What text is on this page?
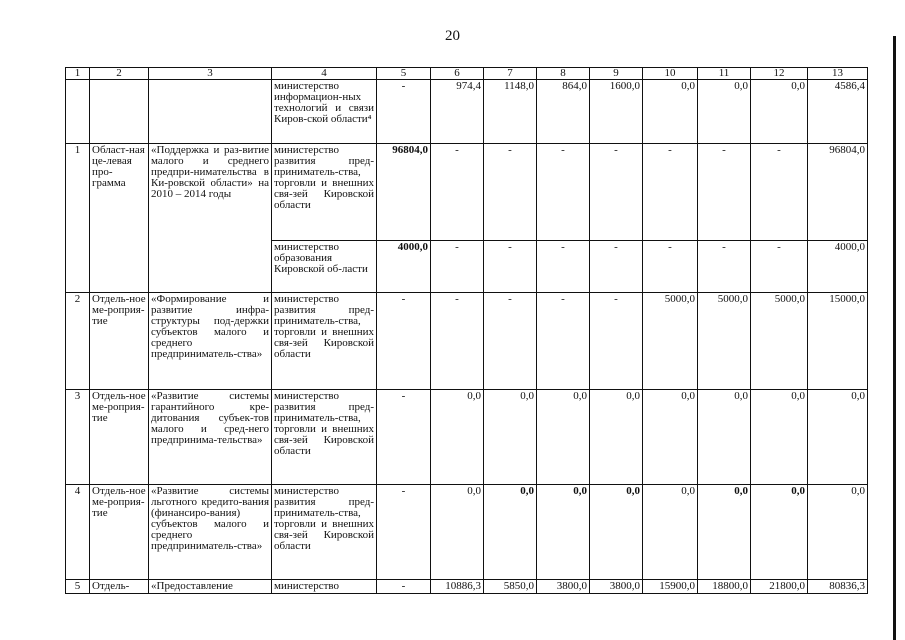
20
1	2	3	4	5	6	7	8	9	10	11	12	13
			министерство информацион-ных технологий и связи Киров-ской области⁴	-	974,4	1148,0	864,0	1600,0	0,0	0,0	0,0	4586,4
1	Област-ная це-левая про-грамма	«Поддержка и раз-витие малого и среднего предпри-нимательства в Ки-ровской области» на 2010 – 2014 годы	министерство развития пред-приниматель-ства, торговли и внешних свя-зей Кировской области	96804,0	-	-	-	-	-	-	-	96804,0
			министерство образования Кировской об-ласти	4000,0	-	-	-	-	-	-	-	4000,0
2	Отдель-ное ме-роприя-тие	«Формирование и развитие инфра-структуры под-держки субъектов малого и среднего предприниматель-ства»	министерство развития пред-приниматель-ства, торговли и внешних свя-зей Кировской области	-	-	-	-	-	5000,0	5000,0	5000,0	15000,0
3	Отдель-ное ме-роприя-тие	«Развитие системы гарантийного кре-дитования субъек-тов малого и сред-него предпринима-тельства»	министерство развития пред-приниматель-ства, торговли и внешних свя-зей Кировской области	-	0,0	0,0	0,0	0,0	0,0	0,0	0,0	0,0
4	Отдель-ное ме-роприя-тие	«Развитие системы льготного кредито-вания (финансиро-вания) субъектов малого и среднего предприниматель-ства»	министерство развития пред-приниматель-ства, торговли и внешних свя-зей Кировской области	-	0,0	0,0	0,0	0,0	0,0	0,0	0,0	0,0
5	Отдель-	«Предоставление	министерство	-	10886,3	5850,0	3800,0	3800,0	15900,0	18800,0	21800,0	80836,3
